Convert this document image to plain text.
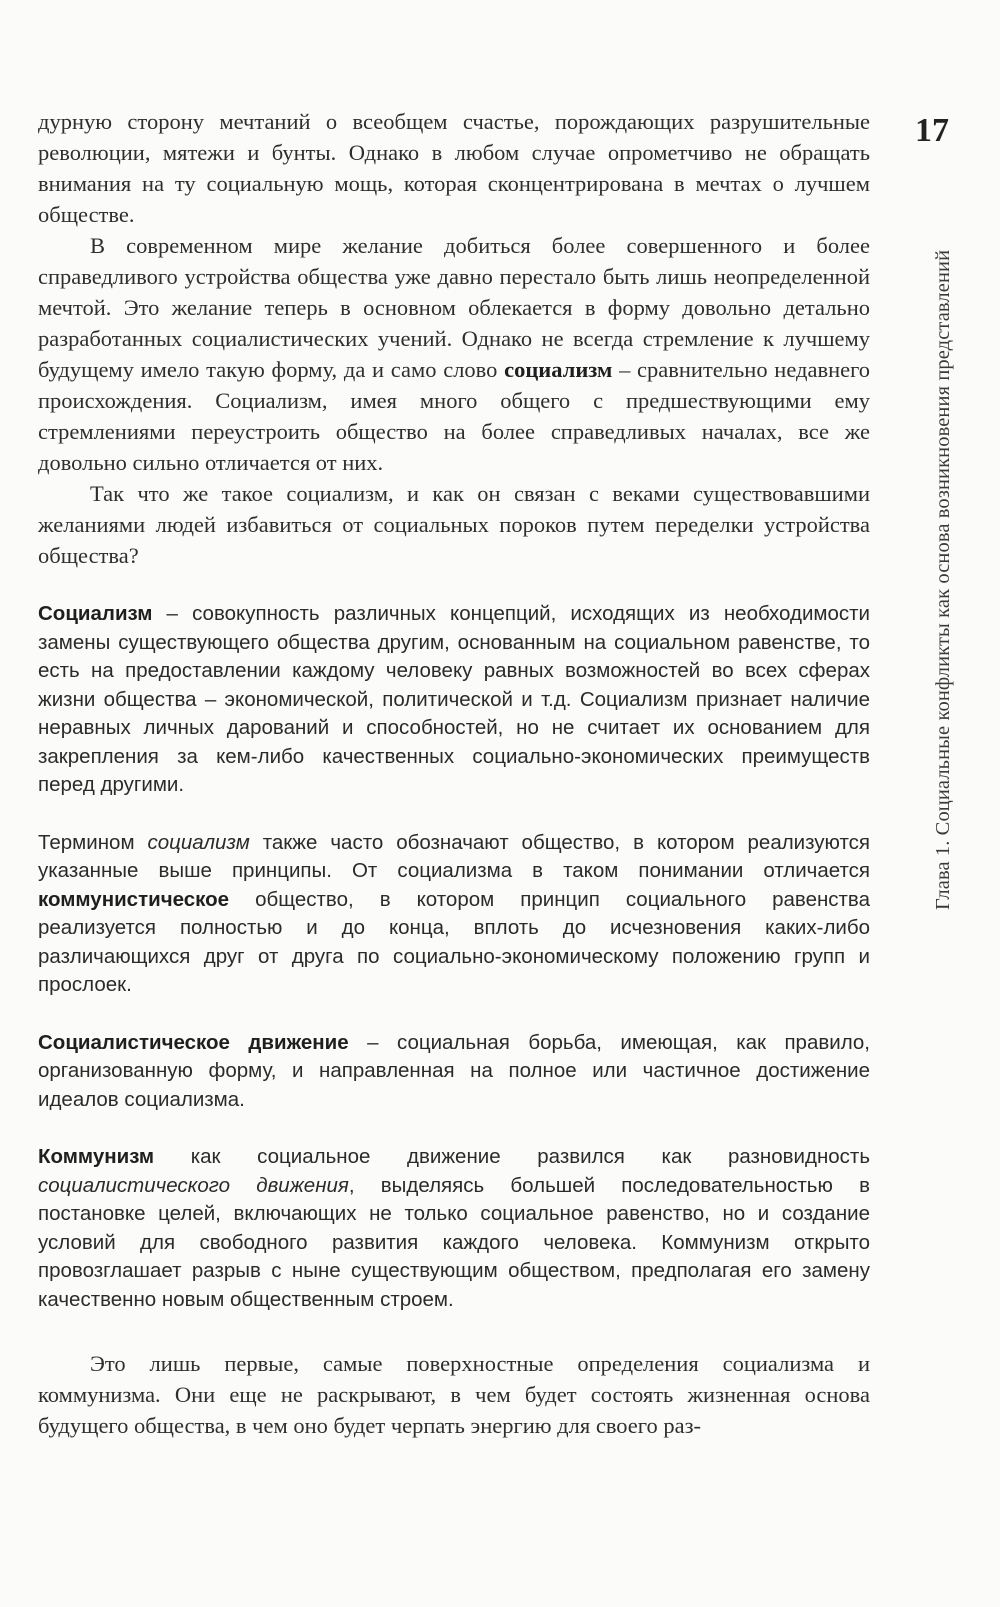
17
Глава 1. Социальные конфликты как основа возникновения представлений

дурную сторону мечтаний о всеобщем счастье, порождающих разрушительные революции, мятежи и бунты. Однако в любом случае опрометчиво не обращать внимания на ту социальную мощь, которая сконцентрирована в мечтах о лучшем обществе.

В современном мире желание добиться более совершенного и более справедливого устройства общества уже давно перестало быть лишь неопределенной мечтой. Это желание теперь в основном облекается в форму довольно детально разработанных социалистических учений. Однако не всегда стремление к лучшему будущему имело такую форму, да и само слово социализм – сравнительно недавнего происхождения. Социализм, имея много общего с предшествующими ему стремлениями переустроить общество на более справедливых началах, все же довольно сильно отличается от них.

Так что же такое социализм, и как он связан с веками существовавшими желаниями людей избавиться от социальных пороков путем переделки устройства общества?

Социализм – совокупность различных концепций, исходящих из необходимости замены существующего общества другим, основанным на социальном равенстве, то есть на предоставлении каждому человеку равных возможностей во всех сферах жизни общества – экономической, политической и т.д. Социализм признает наличие неравных личных дарований и способностей, но не считает их основанием для закрепления за кем-либо качественных социально-экономических преимуществ перед другими.

Термином социализм также часто обозначают общество, в котором реализуются указанные выше принципы. От социализма в таком понимании отличается коммунистическое общество, в котором принцип социального равенства реализуется полностью и до конца, вплоть до исчезновения каких-либо различающихся друг от друга по социально-экономическому положению групп и прослоек.

Социалистическое движение – социальная борьба, имеющая, как правило, организованную форму, и направленная на полное или частичное достижение идеалов социализма.

Коммунизм как социальное движение развился как разновидность социалистического движения, выделяясь большей последовательностью в постановке целей, включающих не только социальное равенство, но и создание условий для свободного развития каждого человека. Коммунизм открыто провозглашает разрыв с ныне существующим обществом, предполагая его замену качественно новым общественным строем.

Это лишь первые, самые поверхностные определения социализма и коммунизма. Они еще не раскрывают, в чем будет состоять жизненная основа будущего общества, в чем оно будет черпать энергию для своего раз-
